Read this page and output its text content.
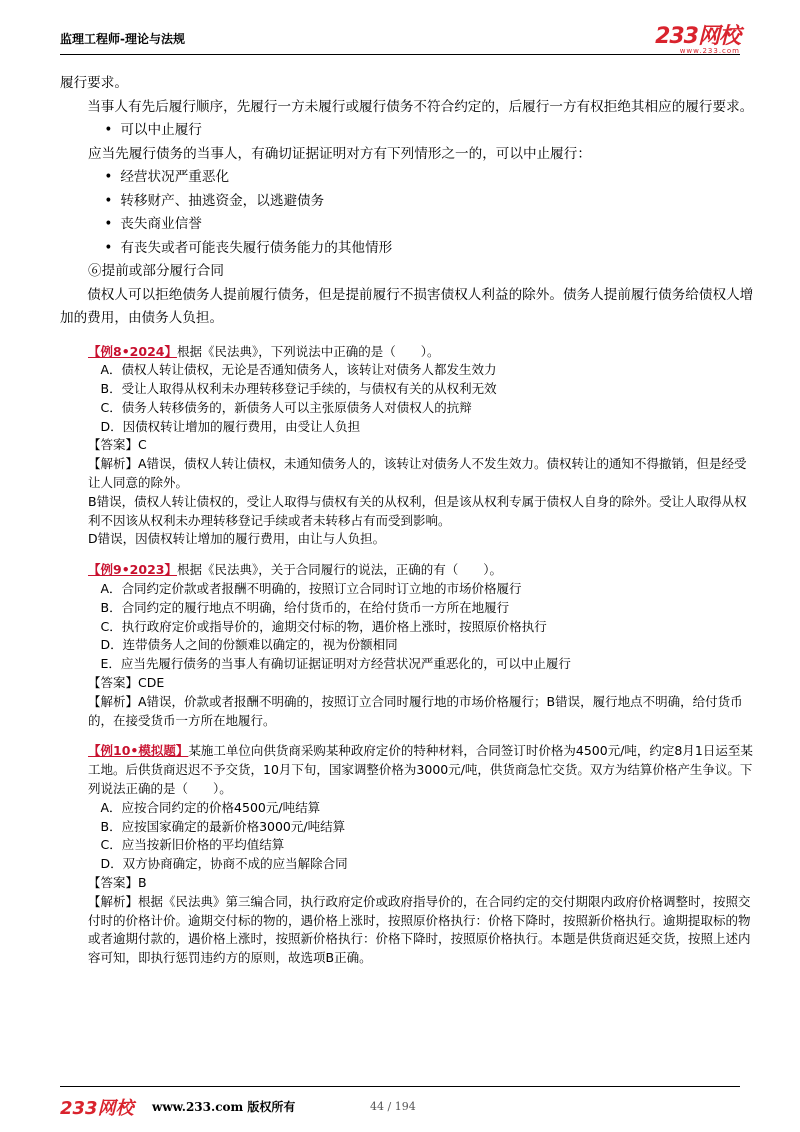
监理工程师-理论与法规	233网校
www.233.com

履行要求。

当事人有先后履行顺序，先履行一方未履行或履行债务不符合约定的，后履行一方有权拒绝其相应的履行要求。

• 可以中止履行

应当先履行债务的当事人，有确切证据证明对方有下列情形之一的，可以中止履行：

• 经营状况严重恶化

• 转移财产、抽逃资金，以逃避债务

• 丧失商业信誉

• 有丧失或者可能丧失履行债务能力的其他情形

⑥提前或部分履行合同

债权人可以拒绝债务人提前履行债务，但是提前履行不损害债权人利益的除外。债务人提前履行债务给债权人增加的费用，由债务人负担。

【例8•2024】根据《民法典》，下列说法中正确的是（　　）。

A．债权人转让债权，无论是否通知债务人，该转让对债务人都发生效力

B．受让人取得从权利未办理转移登记手续的，与债权有关的从权利无效

C．债务人转移债务的，新债务人可以主张原债务人对债权人的抗辩

D．因债权转让增加的履行费用，由受让人负担

【答案】C

【解析】A错误，债权人转让债权，未通知债务人的，该转让对债务人不发生效力。债权转让的通知不得撤销，但是经受让人同意的除外。

B错误，债权人转让债权的，受让人取得与债权有关的从权利，但是该从权利专属于债权人自身的除外。受让人取得从权利不因该从权利未办理转移登记手续或者未转移占有而受到影响。

D错误，因债权转让增加的履行费用，由让与人负担。

【例9•2023】根据《民法典》，关于合同履行的说法，正确的有（　　）。

A．合同约定价款或者报酬不明确的，按照订立合同时订立地的市场价格履行

B．合同约定的履行地点不明确，给付货币的，在给付货币一方所在地履行

C．执行政府定价或指导价的，逾期交付标的物，遇价格上涨时，按照原价格执行

D．连带债务人之间的份额难以确定的，视为份额相同

E．应当先履行债务的当事人有确切证据证明对方经营状况严重恶化的，可以中止履行

【答案】CDE

【解析】A错误，价款或者报酬不明确的，按照订立合同时履行地的市场价格履行；B错误，履行地点不明确，给付货币的，在接受货币一方所在地履行。

【例10•模拟题】某施工单位向供货商采购某种政府定价的特种材料，合同签订时价格为4500元/吨，约定8月1日运至某工地。后供货商迟迟不予交货，10月下旬，国家调整价格为3000元/吨，供货商急忙交货。双方为结算价格产生争议。下列说法正确的是（　　）。

A．应按合同约定的价格4500元/吨结算

B．应按国家确定的最新价格3000元/吨结算

C．应当按新旧价格的平均值结算

D．双方协商确定，协商不成的应当解除合同

【答案】B

【解析】根据《民法典》第三编合同，执行政府定价或政府指导价的，在合同约定的交付期限内政府价格调整时，按照交付时的价格计价。逾期交付标的物的，遇价格上涨时，按照原价格执行：价格下降时，按照新价格执行。逾期提取标的物或者逾期付款的，遇价格上涨时，按照新价格执行：价格下降时，按照原价格执行。本题是供货商迟延交货，按照上述内容可知，即执行惩罚违约方的原则，故选项B正确。

233网校 www.233.com 版权所有	44 / 194
